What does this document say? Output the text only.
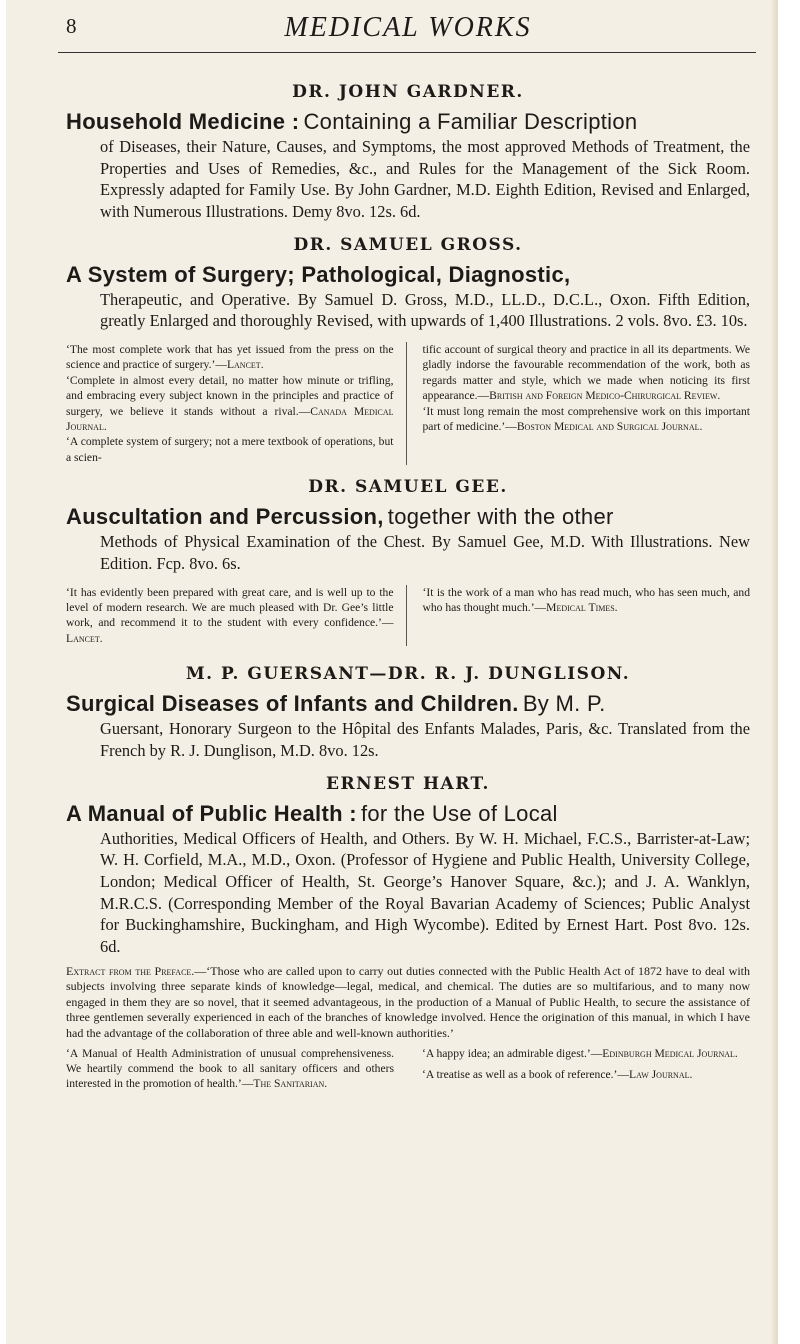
8	MEDICAL WORKS
DR. JOHN GARDNER.
Household Medicine : Containing a Familiar Description
of Diseases, their Nature, Causes, and Symptoms, the most approved Methods of Treatment, the Properties and Uses of Remedies, &c., and Rules for the Management of the Sick Room. Expressly adapted for Family Use. By John Gardner, M.D. Eighth Edition, Revised and Enlarged, with Numerous Illustrations. Demy 8vo. 12s. 6d.
DR. SAMUEL GROSS.
A System of Surgery; Pathological, Diagnostic,
Therapeutic, and Operative. By Samuel D. Gross, M.D., LL.D., D.C.L., Oxon. Fifth Edition, greatly Enlarged and thoroughly Revised, with upwards of 1,400 Illustrations. 2 vols. 8vo. £3. 10s.

‘The most complete work that has yet issued from the press on the science and practice of surgery.’—Lancet.

‘Complete in almost every detail, no matter how minute or trifling, and embracing every subject known in the principles and practice of surgery, we believe it stands without a rival.—Canada Medical Journal.

‘A complete system of surgery; not a mere textbook of operations, but a scien-

tific account of surgical theory and practice in all its departments. We gladly indorse the favourable recommendation of the work, both as regards matter and style, which we made when noticing its first appearance.—British and Foreign Medico-Chirurgical Review.

‘It must long remain the most comprehensive work on this important part of medicine.’—Boston Medical and Surgical Journal.

DR. SAMUEL GEE.
Auscultation and Percussion, together with the other
Methods of Physical Examination of the Chest. By Samuel Gee, M.D. With Illustrations. New Edition. Fcp. 8vo. 6s.

‘It has evidently been prepared with great care, and is well up to the level of modern research. We are much pleased with Dr. Gee’s little work, and recommend it to the student with every confidence.’—Lancet.

‘It is the work of a man who has read much, who has seen much, and who has thought much.’—Medical Times.

M. P. GUERSANT—DR. R. J. DUNGLISON.
Surgical Diseases of Infants and Children. By M. P.
Guersant, Honorary Surgeon to the Hôpital des Enfants Malades, Paris, &c. Translated from the French by R. J. Dunglison, M.D. 8vo. 12s.
ERNEST HART.
A Manual of Public Health : for the Use of Local
Authorities, Medical Officers of Health, and Others. By W. H. Michael, F.C.S., Barrister-at-Law; W. H. Corfield, M.A., M.D., Oxon. (Professor of Hygiene and Public Health, University College, London; Medical Officer of Health, St. George’s Hanover Square, &c.); and J. A. Wanklyn, M.R.C.S. (Corresponding Member of the Royal Bavarian Academy of Sciences; Public Analyst for Buckinghamshire, Buckingham, and High Wycombe). Edited by Ernest Hart. Post 8vo. 12s. 6d.
Extract from the Preface.—‘Those who are called upon to carry out duties connected with the Public Health Act of 1872 have to deal with subjects involving three separate kinds of knowledge—legal, medical, and chemical. The duties are so multifarious, and to many now engaged in them they are so novel, that it seemed advantageous, in the production of a Manual of Public Health, to secure the assistance of three gentlemen severally experienced in each of the branches of knowledge involved. Hence the origination of this manual, in which I have had the advantage of the collaboration of three able and well-known authorities.’

‘A Manual of Health Administration of unusual comprehensiveness. We heartily commend the book to all sanitary officers and others interested in the promotion of health.’—The Sanitarian.

‘A happy idea; an admirable digest.’—Edinburgh Medical Journal.

‘A treatise as well as a book of reference.’—Law Journal.
